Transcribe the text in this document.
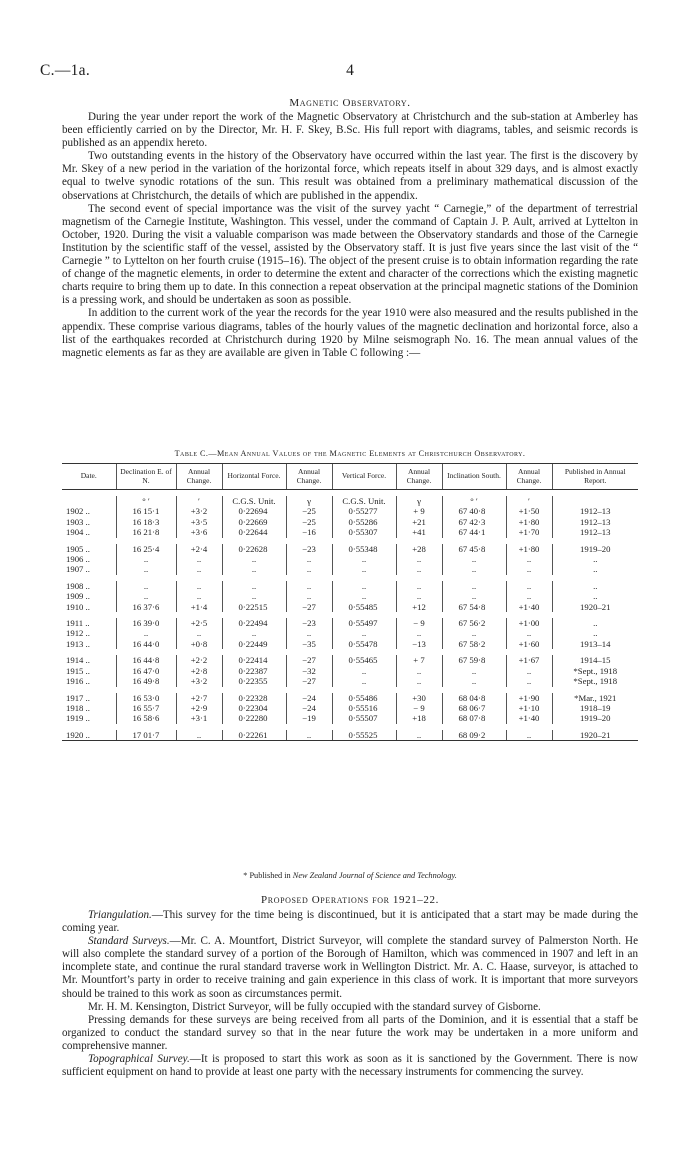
C.—1a.	4
Magnetic Observatory.

During the year under report the work of the Magnetic Observatory at Christchurch and the sub-station at Amberley has been efficiently carried on by the Director, Mr. H. F. Skey, B.Sc. His full report with diagrams, tables, and seismic records is published as an appendix hereto.

Two outstanding events in the history of the Observatory have occurred within the last year. The first is the discovery by Mr. Skey of a new period in the variation of the horizontal force, which repeats itself in about 329 days, and is almost exactly equal to twelve synodic rotations of the sun. This result was obtained from a preliminary mathematical discussion of the observations at Christchurch, the details of which are published in the appendix.

The second event of special importance was the visit of the survey yacht “ Carnegie,” of the department of terrestrial magnetism of the Carnegie Institute, Washington. This vessel, under the command of Captain J. P. Ault, arrived at Lyttelton in October, 1920. During the visit a valuable comparison was made between the Observatory standards and those of the Carnegie Institution by the scientific staff of the vessel, assisted by the Observatory staff. It is just five years since the last visit of the “ Carnegie ” to Lyttelton on her fourth cruise (1915–16). The object of the present cruise is to obtain information regarding the rate of change of the magnetic elements, in order to determine the extent and character of the corrections which the existing magnetic charts require to bring them up to date. In this connection a repeat observation at the principal magnetic stations of the Dominion is a pressing work, and should be undertaken as soon as possible.

In addition to the current work of the year the records for the year 1910 were also measured and the results published in the appendix. These comprise various diagrams, tables of the hourly values of the magnetic declination and horizontal force, also a list of the earthquakes recorded at Christchurch during 1920 by Milne seismograph No. 16. The mean annual values of the magnetic elements as far as they are available are given in Table C following :—

Table C.—Mean Annual Values of the Magnetic Elements at Christchurch Observatory.
Date.	Declination E. of N.	Annual Change.	Horizontal Force.	Annual Change.	Vertical Force.	Annual Change.	Inclination South.	Annual Change.	Published in Annual Report.

	° ′	′	C.G.S. Unit.	γ	C.G.S. Unit.	γ	° ′	′	
1902 ..	16 15·1	+3·2	0·22694	−25	0·55277	+ 9	67 40·8	+1·50	1912–13
1903 ..	16 18·3	+3·5	0·22669	−25	0·55286	+21	67 42·3	+1·80	1912–13
1904 ..	16 21·8	+3·6	0·22644	−16	0·55307	+41	67 44·1	+1·70	1912–13

1905 ..	16 25·4	+2·4	0·22628	−23	0·55348	+28	67 45·8	+1·80	1919–20
1906 ..	..	..	..	..	..	..	..	..	..
1907 ..	..	..	..	..	..	..	..	..	..

1908 ..	..	..	..	..	..	..	..	..	..
1909 ..	..	..	..	..	..	..	..	..	..
1910 ..	16 37·6	+1·4	0·22515	−27	0·55485	+12	67 54·8	+1·40	1920–21

1911 ..	16 39·0	+2·5	0·22494	−23	0·55497	− 9	67 56·2	+1·00	..
1912 ..	..	..	..	..	..	..	..	..	..
1913 ..	16 44·0	+0·8	0·22449	−35	0·55478	−13	67 58·2	+1·60	1913–14

1914 ..	16 44·8	+2·2	0·22414	−27	0·55465	+ 7	67 59·8	+1·67	1914–15
1915 ..	16 47·0	+2·8	0·22387	−32	..	..	..	..	*Sept., 1918
1916 ..	16 49·8	+3·2	0·22355	−27	..	..	..	..	*Sept., 1918

1917 ..	16 53·0	+2·7	0·22328	−24	0·55486	+30	68 04·8	+1·90	*Mar., 1921
1918 ..	16 55·7	+2·9	0·22304	−24	0·55516	− 9	68 06·7	+1·10	1918–19
1919 ..	16 58·6	+3·1	0·22280	−19	0·55507	+18	68 07·8	+1·40	1919–20

1920 ..	17 01·7	..	0·22261	..	0·55525	..	68 09·2	..	1920–21
* Published in New Zealand Journal of Science and Technology.
Proposed Operations for 1921–22.

Triangulation.—This survey for the time being is discontinued, but it is anticipated that a start may be made during the coming year.

Standard Surveys.—Mr. C. A. Mountfort, District Surveyor, will complete the standard survey of Palmerston North. He will also complete the standard survey of a portion of the Borough of Hamilton, which was commenced in 1907 and left in an incomplete state, and continue the rural standard traverse work in Wellington District. Mr. A. C. Haase, surveyor, is attached to Mr. Mountfort’s party in order to receive training and gain experience in this class of work. It is important that more surveyors should be trained to this work as soon as circumstances permit.

Mr. H. M. Kensington, District Surveyor, will be fully occupied with the standard survey of Gisborne.

Pressing demands for these surveys are being received from all parts of the Dominion, and it is essential that a staff be organized to conduct the standard survey so that in the near future the work may be undertaken in a more uniform and comprehensive manner.

Topographical Survey.—It is proposed to start this work as soon as it is sanctioned by the Government. There is now sufficient equipment on hand to provide at least one party with the necessary instruments for commencing the survey.
